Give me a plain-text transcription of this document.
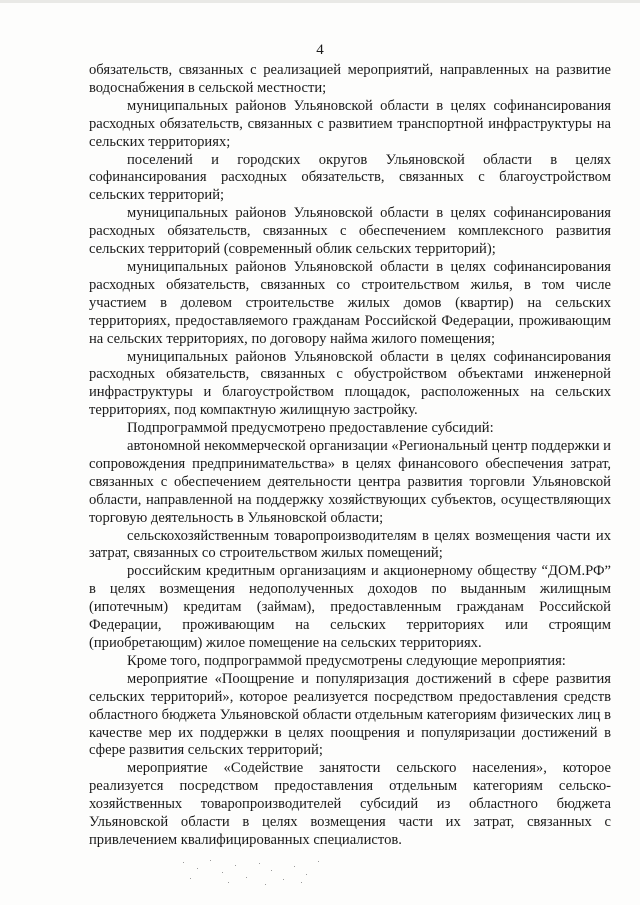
4

обязательств, связанных с реализацией мероприятий, направленных на развитие водоснабжения в сельской местности;

муниципальных районов Ульяновской области в целях софинансирования расходных обязательств, связанных с развитием транспортной инфраструктуры на сельских территориях;

поселений и городских округов Ульяновской области в целях софинансирования расходных обязательств, связанных с благоустройством сельских территорий;

муниципальных районов Ульяновской области в целях софинансирования расходных обязательств, связанных с обеспечением комплексного развития сельских территорий (современный облик сельских территорий);

муниципальных районов Ульяновской области в целях софинансирования расходных обязательств, связанных со строительством жилья, в том числе участием в долевом строительстве жилых домов (квартир) на сельских территориях, предоставляемого гражданам Российской Федерации, проживающим на сельских территориях, по договору найма жилого помещения;

муниципальных районов Ульяновской области в целях софинансирования расходных обязательств, связанных с обустройством объектами инженерной инфраструктуры и благоустройством площадок, расположенных на сельских территориях, под компактную жилищную застройку.

Подпрограммой предусмотрено предоставление субсидий:

автономной некоммерческой организации «Региональный центр поддержки и сопровождения предпринимательства» в целях финансового обеспечения затрат, связанных с обеспечением деятельности центра развития торговли Ульяновской области, направленной на поддержку хозяйствующих субъектов, осуществляющих торговую деятельность в Ульяновской области;

сельскохозяйственным товаропроизводителям в целях возмещения части их затрат, связанных со строительством жилых помещений;

российским кредитным организациям и акционерному обществу “ДОМ.РФ” в целях возмещения недополученных доходов по выданным жилищным (ипотечным) кредитам (займам), предоставленным гражданам Российской Федерации, проживающим на сельских территориях или строящим (приобретающим) жилое помещение на сельских территориях.

Кроме того, подпрограммой предусмотрены следующие мероприятия:

мероприятие «Поощрение и популяризация достижений в сфере развития сельских территорий», которое реализуется посредством предоставления средств областного бюджета Ульяновской области отдельным категориям физических лиц в качестве мер их поддержки в целях поощрения и популяризации достижений в сфере развития сельских территорий;

мероприятие «Содействие занятости сельского населения», которое реализуется посредством предоставления отдельным категориям сельско-хозяйственных товаропроизводителей субсидий из областного бюджета Ульяновской области в целях возмещения части их затрат, связанных с привлечением квалифицированных специалистов.
